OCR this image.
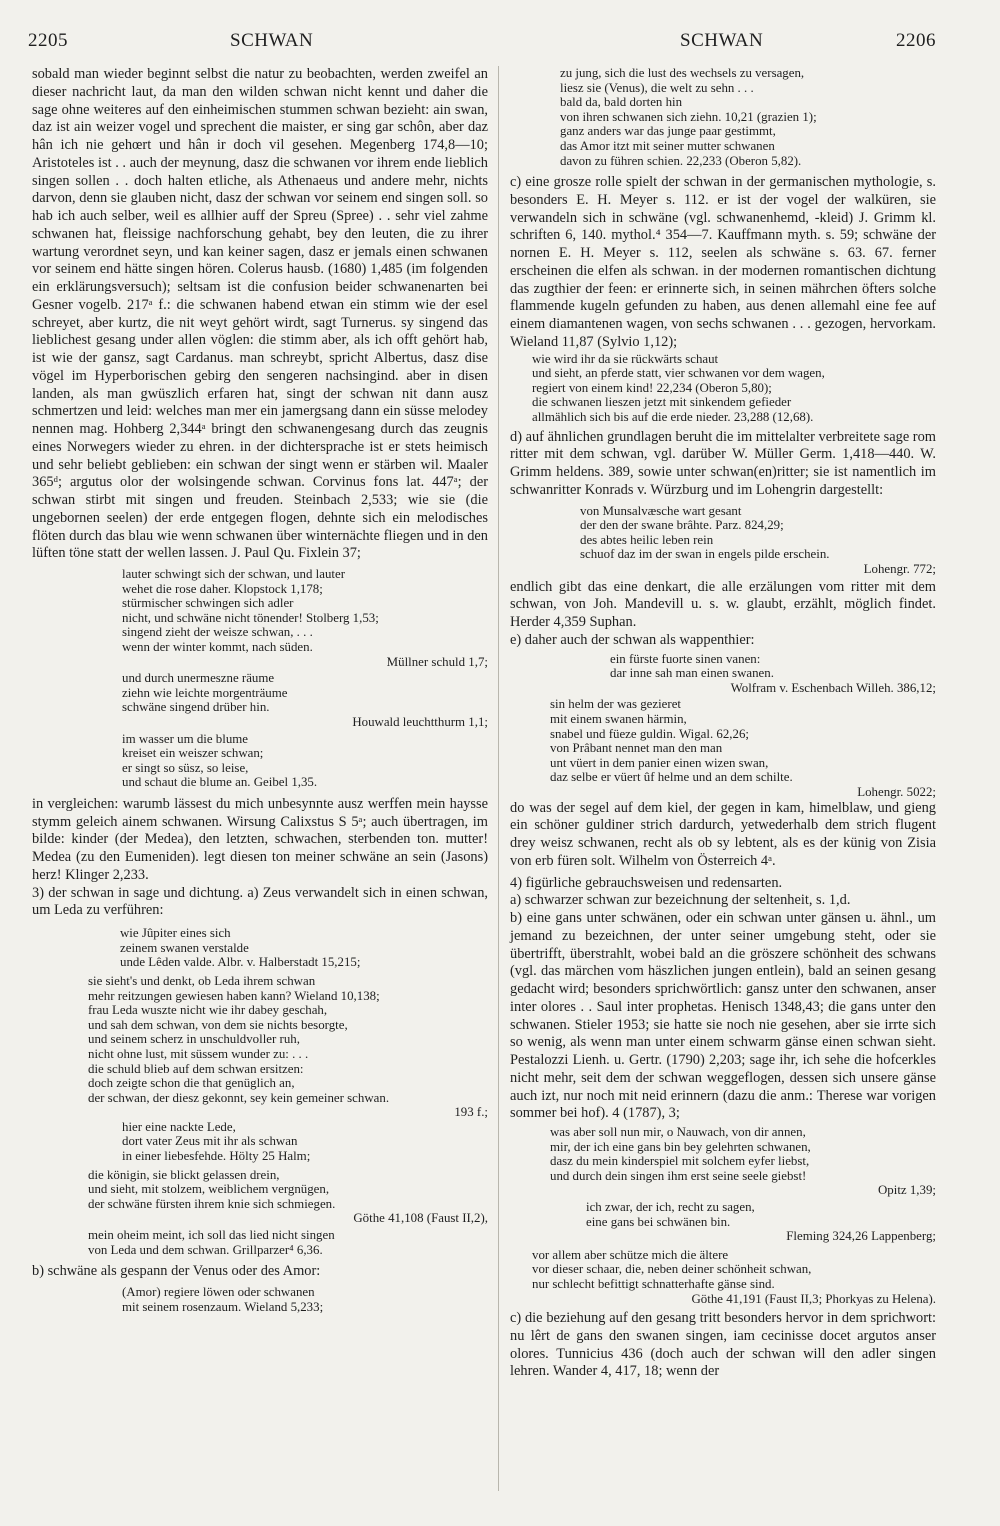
2205	SCHWAN	SCHWAN	2206

sobald man wieder beginnt selbst die natur zu beobachten, werden zweifel an dieser nachricht laut, da man den wilden schwan nicht kennt und daher die sage ohne weiteres auf den einheimischen stummen schwan bezieht: ain swan, daz ist ain weizer vogel und sprechent die maister, er sing gar schôn, aber daz hân ich nie gehœrt und hân ir doch vil gesehen. Megenberg 174,8—10; Aristoteles ist . . auch der meynung, dasz die schwanen vor ihrem ende lieblich singen sollen . . doch halten etliche, als Athenaeus und andere mehr, nichts darvon, denn sie glauben nicht, dasz der schwan vor seinem end singen soll. so hab ich auch selber, weil es allhier auff der Spreu (Spree) . . sehr viel zahme schwanen hat, fleissige nachforschung gehabt, bey den leuten, die zu ihrer wartung verordnet seyn, und kan keiner sagen, dasz er jemals einen schwanen vor seinem end hätte singen hören. Colerus hausb. (1680) 1,485 (im folgenden ein erklärungsversuch); seltsam ist die confusion beider schwanenarten bei Gesner vogelb. 217ᵃ f.: die schwanen habend etwan ein stimm wie der esel schreyet, aber kurtz, die nit weyt gehört wirdt, sagt Turnerus. sy singend das lieblichest gesang under allen vöglen: die stimm aber, als ich offt gehört hab, ist wie der gansz, sagt Cardanus. man schreybt, spricht Albertus, dasz dise vögel im Hyperborischen gebirg den sengeren nachsingind. aber in disen landen, als man gwüszlich erfaren hat, singt der schwan nit dann ausz schmertzen und leid: welches man mer ein jamergsang dann ein süsse melodey nennen mag. Hohberg 2,344ᵃ bringt den schwanengesang durch das zeugnis eines Norwegers wieder zu ehren. in der dichtersprache ist er stets heimisch und sehr beliebt geblieben: ein schwan der singt wenn er stärben wil. Maaler 365ᵈ; argutus olor der wolsingende schwan. Corvinus fons lat. 447ᵃ; der schwan stirbt mit singen und freuden. Steinbach 2,533; wie sie (die ungebornen seelen) der erde entgegen flogen, dehnte sich ein melodisches flöten durch das blau wie wenn schwanen über winternächte fliegen und in den lüften töne statt der wellen lassen. J. Paul Qu. Fixlein 37;

lauter schwingt sich der schwan, und lauter
wehet die rose daher. Klopstock 1,178;
stürmischer schwingen sich adler
nicht, und schwäne nicht tönender! Stolberg 1,53;
singend zieht der weisze schwan, . . .
wenn der winter kommt, nach süden.
Müllner schuld 1,7;
und durch unermeszne räume
ziehn wie leichte morgenträume
schwäne singend drüber hin.
Houwald leuchtthurm 1,1;
im wasser um die blume
kreiset ein weiszer schwan;
er singt so süsz, so leise,
und schaut die blume an. Geibel 1,35.

in vergleichen: warumb lässest du mich unbesynnte ausz werffen mein haysse stymm geleich ainem schwanen. Wirsung Calixstus S 5ᵃ; auch übertragen, im bilde: kinder (der Medea), den letzten, schwachen, sterbenden ton. mutter! Medea (zu den Eumeniden). legt diesen ton meiner schwäne an sein (Jasons) herz! Klinger 2,233.

3) der schwan in sage und dichtung. a) Zeus verwandelt sich in einen schwan, um Leda zu verführen:

wie Jûpiter eines sich
zeinem swanen verstalde
unde Lêden valde. Albr. v. Halberstadt 15,215;
sie sieht's und denkt, ob Leda ihrem schwan
mehr reitzungen gewiesen haben kann? Wieland 10,138;
frau Leda wuszte nicht wie ihr dabey geschah,
und sah dem schwan, von dem sie nichts besorgte,
und seinem scherz in unschuldvoller ruh,
nicht ohne lust, mit süssem wunder zu: . . .
die schuld blieb auf dem schwan ersitzen:
doch zeigte schon die that genüglich an,
der schwan, der diesz gekonnt, sey kein gemeiner schwan.
193 f.;
hier eine nackte Lede,
dort vater Zeus mit ihr als schwan
in einer liebesfehde. Hölty 25 Halm;
die königin, sie blickt gelassen drein,
und sieht, mit stolzem, weiblichem vergnügen,
der schwäne fürsten ihrem knie sich schmiegen.
Göthe 41,108 (Faust II,2),
mein oheim meint, ich soll das lied nicht singen
von Leda und dem schwan. Grillparzer⁴ 6,36.

b) schwäne als gespann der Venus oder des Amor:

(Amor) regiere löwen oder schwanen
mit seinem rosenzaum. Wieland 5,233;
zu jung, sich die lust des wechsels zu versagen,
liesz sie (Venus), die welt zu sehn . . .
bald da, bald dorten hin
von ihren schwanen sich ziehn. 10,21 (grazien 1);
ganz anders war das junge paar gestimmt,
das Amor itzt mit seiner mutter schwanen
davon zu führen schien. 22,233 (Oberon 5,82).

c) eine grosze rolle spielt der schwan in der germanischen mythologie, s. besonders E. H. Meyer s. 112. er ist der vogel der walküren, sie verwandeln sich in schwäne (vgl. schwanenhemd, -kleid) J. Grimm kl. schriften 6, 140. mythol.⁴ 354—7. Kauffmann myth. s. 59; schwäne der nornen E. H. Meyer s. 112, seelen als schwäne s. 63. 67. ferner erscheinen die elfen als schwan. in der modernen romantischen dichtung das zugthier der feen: er erinnerte sich, in seinen mährchen öfters solche flammende kugeln gefunden zu haben, aus denen allemahl eine fee auf einem diamantenen wagen, von sechs schwanen . . . gezogen, hervorkam. Wieland 11,87 (Sylvio 1,12);

wie wird ihr da sie rückwärts schaut
und sieht, an pferde statt, vier schwanen vor dem wagen,
regiert von einem kind! 22,234 (Oberon 5,80);
die schwanen lieszen jetzt mit sinkendem gefieder
allmählich sich bis auf die erde nieder. 23,288 (12,68).

d) auf ähnlichen grundlagen beruht die im mittelalter verbreitete sage rom ritter mit dem schwan, vgl. darüber W. Müller Germ. 1,418—440. W. Grimm heldens. 389, sowie unter schwan(en)ritter; sie ist namentlich im schwanritter Konrads v. Würzburg und im Lohengrin dargestellt:

von Munsalvæsche wart gesant
der den der swane brâhte. Parz. 824,29;
des abtes heilic leben rein
schuof daz im der swan in engels pilde erschein.
Lohengr. 772;

endlich gibt das eine denkart, die alle erzälungen vom ritter mit dem schwan, von Joh. Mandevill u. s. w. glaubt, erzählt, möglich findet. Herder 4,359 Suphan.

e) daher auch der schwan als wappenthier:

ein fürste fuorte sinen vanen:
dar inne sah man einen swanen.
Wolfram v. Eschenbach Willeh. 386,12;
sin helm der was gezieret
mit einem swanen härmin,
snabel und füeze guldin. Wigal. 62,26;
von Prâbant nennet man den man
unt vüert in dem panier einen wizen swan,
daz selbe er vüert ûf helme und an dem schilte.
Lohengr. 5022;

do was der segel auf dem kiel, der gegen in kam, himelblaw, und gieng ein schöner guldiner strich dardurch, yetwederhalb dem strich flugent drey weisz schwanen, recht als ob sy lebtent, als es der künig von Zisia von erb füren solt. Wilhelm von Österreich 4ᵃ.

4) figürliche gebrauchsweisen und redensarten.

a) schwarzer schwan zur bezeichnung der seltenheit, s. 1,d.

b) eine gans unter schwänen, oder ein schwan unter gänsen u. ähnl., um jemand zu bezeichnen, der unter seiner umgebung steht, oder sie übertrifft, überstrahlt, wobei bald an die gröszere schönheit des schwans (vgl. das märchen vom häszlichen jungen entlein), bald an seinen gesang gedacht wird; besonders sprichwörtlich: gansz unter den schwanen, anser inter olores . . Saul inter prophetas. Henisch 1348,43; die gans unter den schwanen. Stieler 1953; sie hatte sie noch nie gesehen, aber sie irrte sich so wenig, als wenn man unter einem schwarm gänse einen schwan sieht. Pestalozzi Lienh. u. Gertr. (1790) 2,203; sage ihr, ich sehe die hofcerkles nicht mehr, seit dem der schwan weggeflogen, dessen sich unsere gänse auch izt, nur noch mit neid erinnern (dazu die anm.: Therese war vorigen sommer bei hof). 4 (1787), 3;

was aber soll nun mir, o Nauwach, von dir annen,
mir, der ich eine gans bin bey gelehrten schwanen,
dasz du mein kinderspiel mit solchem eyfer liebst,
und durch dein singen ihm erst seine seele giebst!
Opitz 1,39;
ich zwar, der ich, recht zu sagen,
eine gans bei schwänen bin.
Fleming 324,26 Lappenberg;
vor allem aber schütze mich die ältere
vor dieser schaar, die, neben deiner schönheit schwan,
nur schlecht befittigt schnatterhafte gänse sind.
Göthe 41,191 (Faust II,3; Phorkyas zu Helena).

c) die beziehung auf den gesang tritt besonders hervor in dem sprichwort: nu lêrt de gans den swanen singen, iam cecinisse docet argutos anser olores. Tunnicius 436 (doch auch der schwan will den adler singen lehren. Wander 4, 417, 18; wenn der
